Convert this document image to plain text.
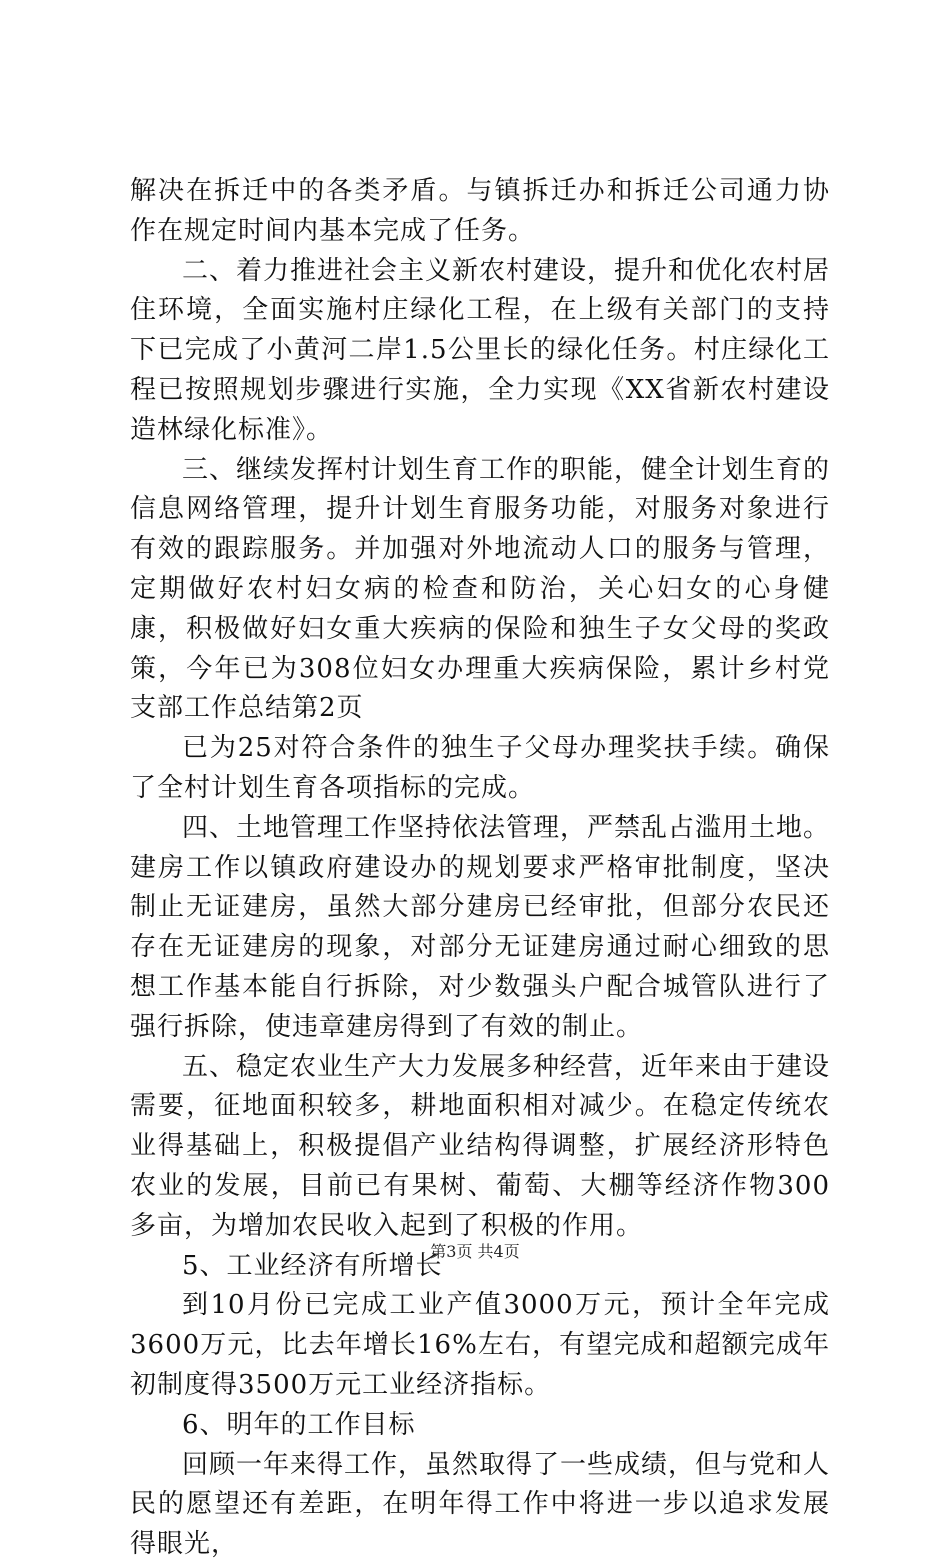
解决在拆迁中的各类矛盾。与镇拆迁办和拆迁公司通力协作在规定时间内基本完成了任务。

二、着力推进社会主义新农村建设，提升和优化农村居住环境，全面实施村庄绿化工程，在上级有关部门的支持下已完成了小黄河二岸1.5公里长的绿化任务。村庄绿化工程已按照规划步骤进行实施，全力实现《XX省新农村建设造林绿化标准》。

三、继续发挥村计划生育工作的职能，健全计划生育的信息网络管理，提升计划生育服务功能，对服务对象进行有效的跟踪服务。并加强对外地流动人口的服务与管理，定期做好农村妇女病的检查和防治，关心妇女的心身健康，积极做好妇女重大疾病的保险和独生子女父母的奖政策，今年已为308位妇女办理重大疾病保险，累计乡村党支部工作总结第2页

已为25对符合条件的独生子父母办理奖扶手续。确保了全村计划生育各项指标的完成。

四、土地管理工作坚持依法管理，严禁乱占滥用土地。建房工作以镇政府建设办的规划要求严格审批制度，坚决制止无证建房，虽然大部分建房已经审批，但部分农民还存在无证建房的现象，对部分无证建房通过耐心细致的思想工作基本能自行拆除，对少数强头户配合城管队进行了强行拆除，使违章建房得到了有效的制止。

五、稳定农业生产大力发展多种经营，近年来由于建设需要，征地面积较多，耕地面积相对减少。在稳定传统农业得基础上，积极提倡产业结构得调整，扩展经济形特色农业的发展，目前已有果树、葡萄、大棚等经济作物300多亩，为增加农民收入起到了积极的作用。

5、工业经济有所增长

到10月份已完成工业产值3000万元，预计全年完成3600万元，比去年增长16%左右，有望完成和超额完成年初制度得3500万元工业经济指标。

6、明年的工作目标

回顾一年来得工作，虽然取得了一些成绩，但与党和人民的愿望还有差距，在明年得工作中将进一步以追求发展得眼光，

第3页 共4页
